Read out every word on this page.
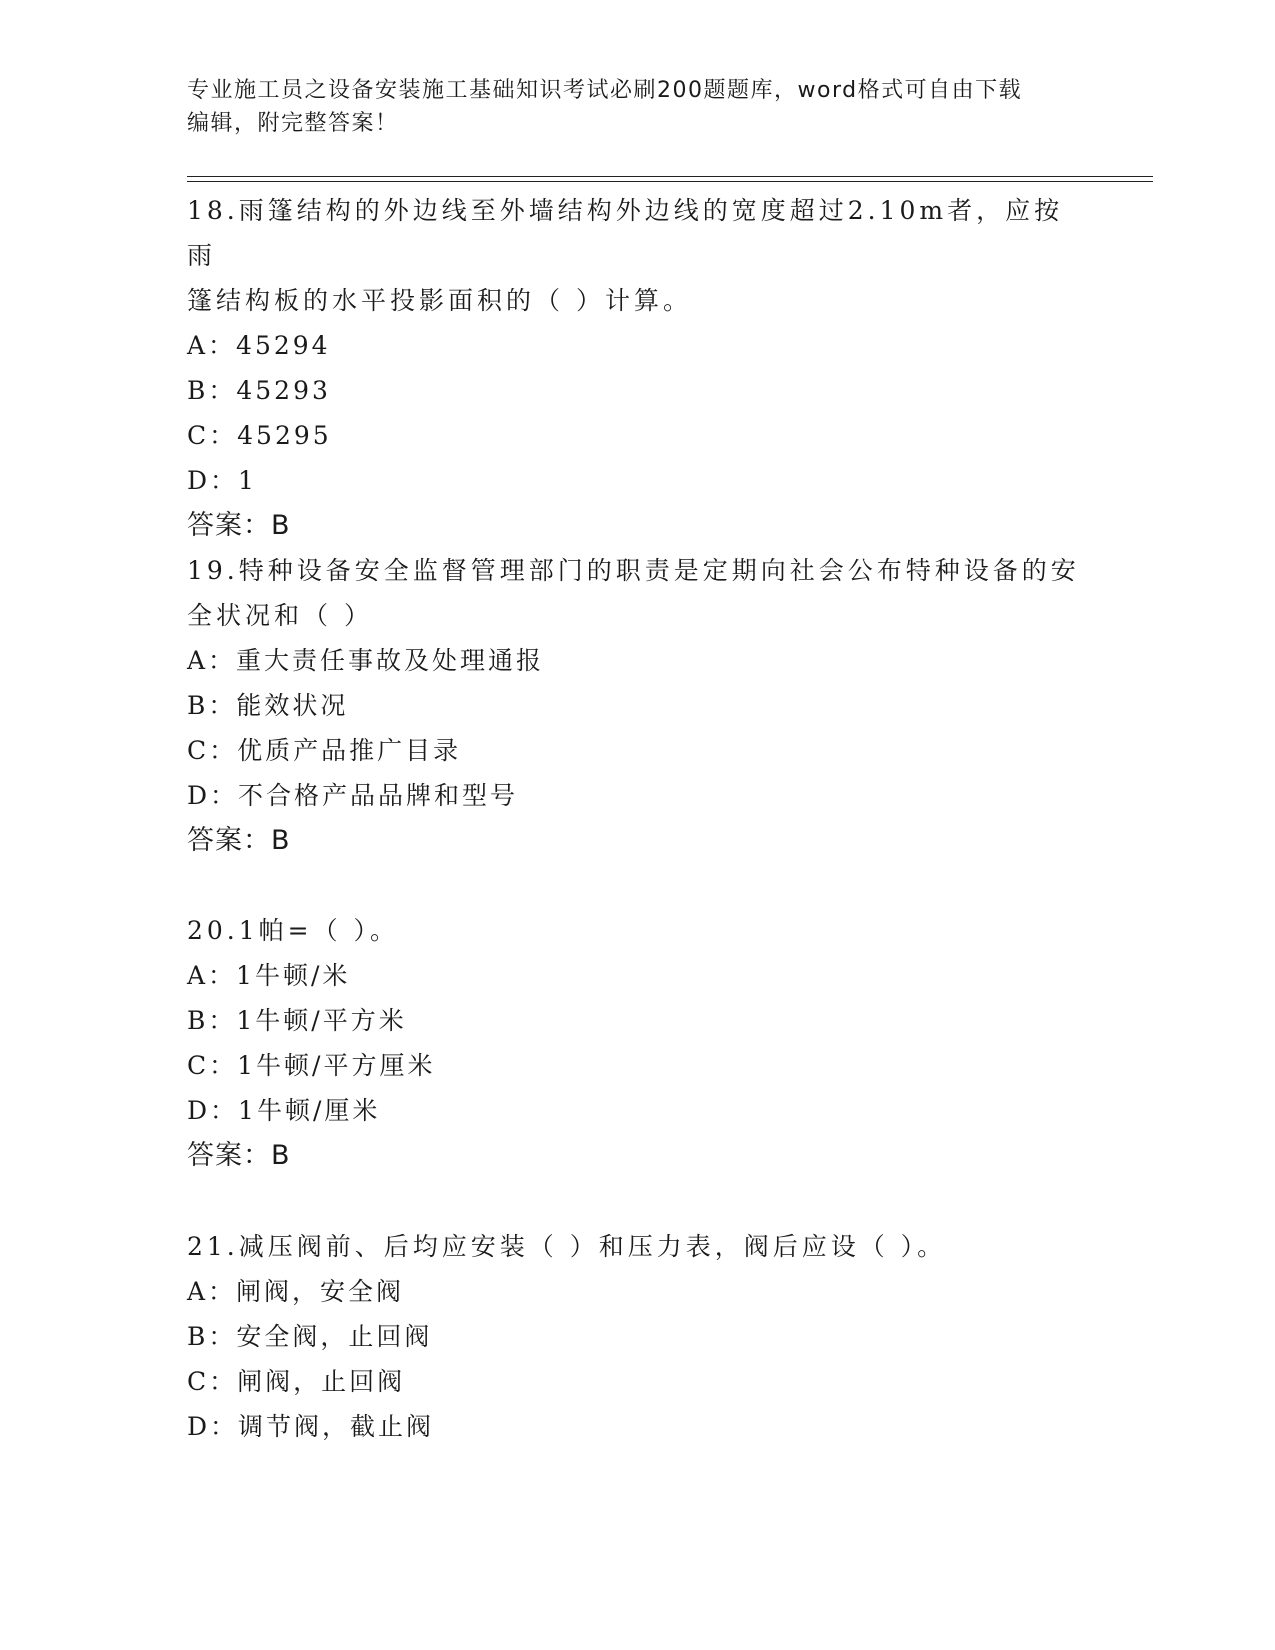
专业施工员之设备安装施工基础知识考试必刷200题题库，word格式可自由下载
编辑，附完整答案！

18.雨篷结构的外边线至外墙结构外边线的宽度超过2.10m者，应按雨

篷结构板的水平投影面积的（ ）计算。

A：45294

B：45293

C：45295

D：1

答案：B

19.特种设备安全监督管理部门的职责是定期向社会公布特种设备的安

全状况和（ ）

A：重大责任事故及处理通报

B：能效状况

C：优质产品推广目录

D：不合格产品品牌和型号

答案：B

20.1帕=（ ）。

A：1牛顿/米

B：1牛顿/平方米

C：1牛顿/平方厘米

D：1牛顿/厘米

答案：B

21.减压阀前、后均应安装（ ）和压力表，阀后应设（ ）。

A：闸阀，安全阀

B：安全阀，止回阀

C：闸阀，止回阀

D：调节阀，截止阀
